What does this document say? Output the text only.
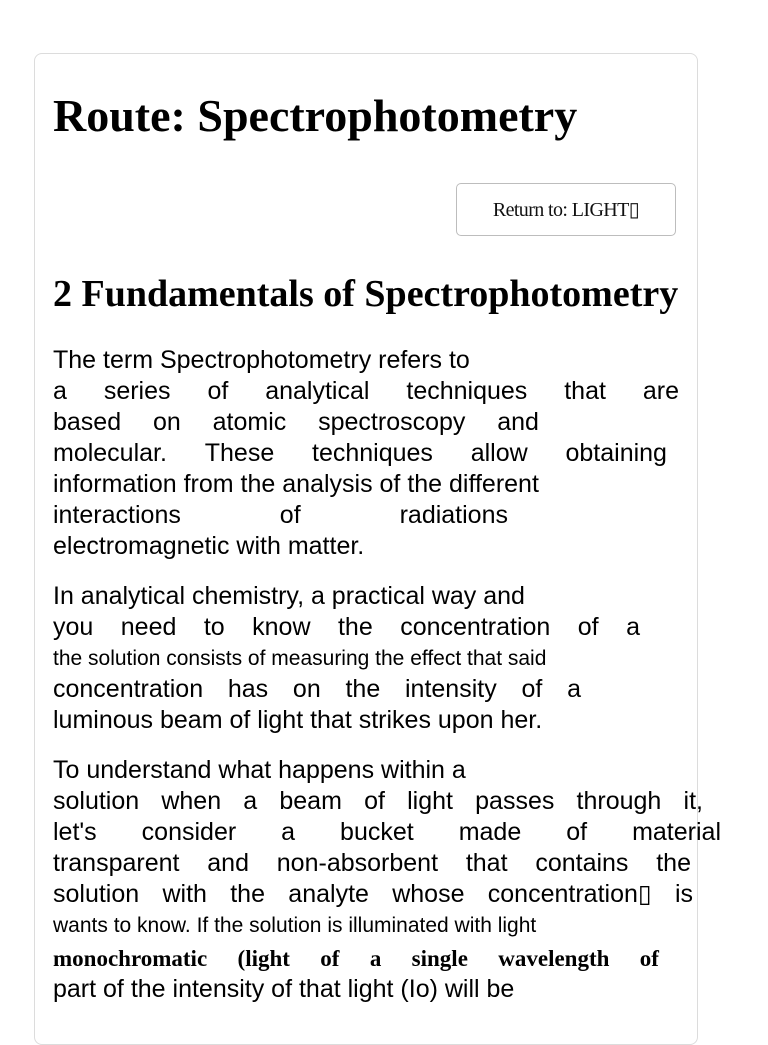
Route: Spectrophotometry
Return to: LIGHT▯
2 Fundamentals of Spectrophotometry

The term Spectrophotometry refers to

a series of analytical techniques that are

based on atomic spectroscopy and

molecular. These techniques allow obtaining

information from the analysis of the different

interactions	of	radiations

electromagnetic with matter.

In analytical chemistry, a practical way and

you need to know the concentration of a

the solution consists of measuring the effect that said

concentration has on the intensity of a

luminous beam of light that strikes upon her.

To understand what happens within a

solution when a beam of light passes through it,

let's consider a bucket made of material

transparent and non-absorbent that contains the

solution with the analyte whose concentration▯ is

wants to know. If the solution is illuminated with light

monochromatic (light of a single wavelength of

part of the intensity of that light (Io) will be
